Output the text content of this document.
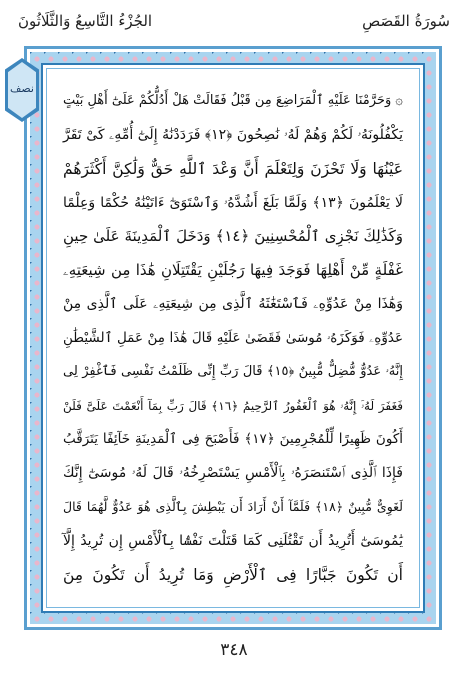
سُورَةُ القَصَصِ
الجُزْءُ التَّاسِعُ وَالثَّلَاثُونَ
۞ وَحَرَّمْنَا عَلَيْهِ ٱلْمَرَاضِعَ مِن قَبْلُ فَقَالَتْ هَلْ أَدُلُّكُمْ عَلَىٰٓ أَهْلِ بَيْتٍ
يَكْفُلُونَهُۥ لَكُمْ وَهُمْ لَهُۥ نَٰصِحُونَ ﴿١٢﴾ فَرَدَدْنَٰهُ إِلَىٰٓ أُمِّهِۦ كَىْ تَقَرَّ
عَيْنُهَا وَلَا تَحْزَنَ وَلِتَعْلَمَ أَنَّ وَعْدَ ٱللَّهِ حَقٌّ وَلَٰكِنَّ أَكْثَرَهُمْ
لَا يَعْلَمُونَ ﴿١٣﴾ وَلَمَّا بَلَغَ أَشُدَّهُۥ وَٱسْتَوَىٰٓ ءَاتَيْنَٰهُ حُكْمًا وَعِلْمًا
وَكَذَٰلِكَ نَجْزِى ٱلْمُحْسِنِينَ ﴿١٤﴾ وَدَخَلَ ٱلْمَدِينَةَ عَلَىٰ حِينِ
غَفْلَةٍ مِّنْ أَهْلِهَا فَوَجَدَ فِيهَا رَجُلَيْنِ يَقْتَتِلَانِ هَٰذَا مِن شِيعَتِهِۦ
وَهَٰذَا مِنْ عَدُوِّهِۦ فَٱسْتَغَٰثَهُ ٱلَّذِى مِن شِيعَتِهِۦ عَلَى ٱلَّذِى مِنْ
عَدُوِّهِۦ فَوَكَزَهُۥ مُوسَىٰ فَقَضَىٰ عَلَيْهِ قَالَ هَٰذَا مِنْ عَمَلِ ٱلشَّيْطَٰنِ
إِنَّهُۥ عَدُوٌّ مُّضِلٌّ مُّبِينٌ ﴿١٥﴾ قَالَ رَبِّ إِنِّى ظَلَمْتُ نَفْسِى فَٱغْفِرْ لِى
فَغَفَرَ لَهُۥٓ إِنَّهُۥ هُوَ ٱلْغَفُورُ ٱلرَّحِيمُ ﴿١٦﴾ قَالَ رَبِّ بِمَآ أَنْعَمْتَ عَلَىَّ فَلَنْ
أَكُونَ ظَهِيرًا لِّلْمُجْرِمِينَ ﴿١٧﴾ فَأَصْبَحَ فِى ٱلْمَدِينَةِ خَآئِفًا يَتَرَقَّبُ
فَإِذَا ٱلَّذِى ٱسْتَنصَرَهُۥ بِٱلْأَمْسِ يَسْتَصْرِخُهُۥ قَالَ لَهُۥ مُوسَىٰٓ إِنَّكَ
لَغَوِىٌّ مُّبِينٌ ﴿١٨﴾ فَلَمَّآ أَنْ أَرَادَ أَن يَبْطِشَ بِٱلَّذِى هُوَ عَدُوٌّ لَّهُمَا قَالَ
يَٰمُوسَىٰٓ أَتُرِيدُ أَن تَقْتُلَنِى كَمَا قَتَلْتَ نَفْسًۢا بِٱلْأَمْسِ إِن تُرِيدُ إِلَّآ
أَن تَكُونَ جَبَّارًا فِى ٱلْأَرْضِ وَمَا تُرِيدُ أَن تَكُونَ مِنَ
نصف
٣٤٨
